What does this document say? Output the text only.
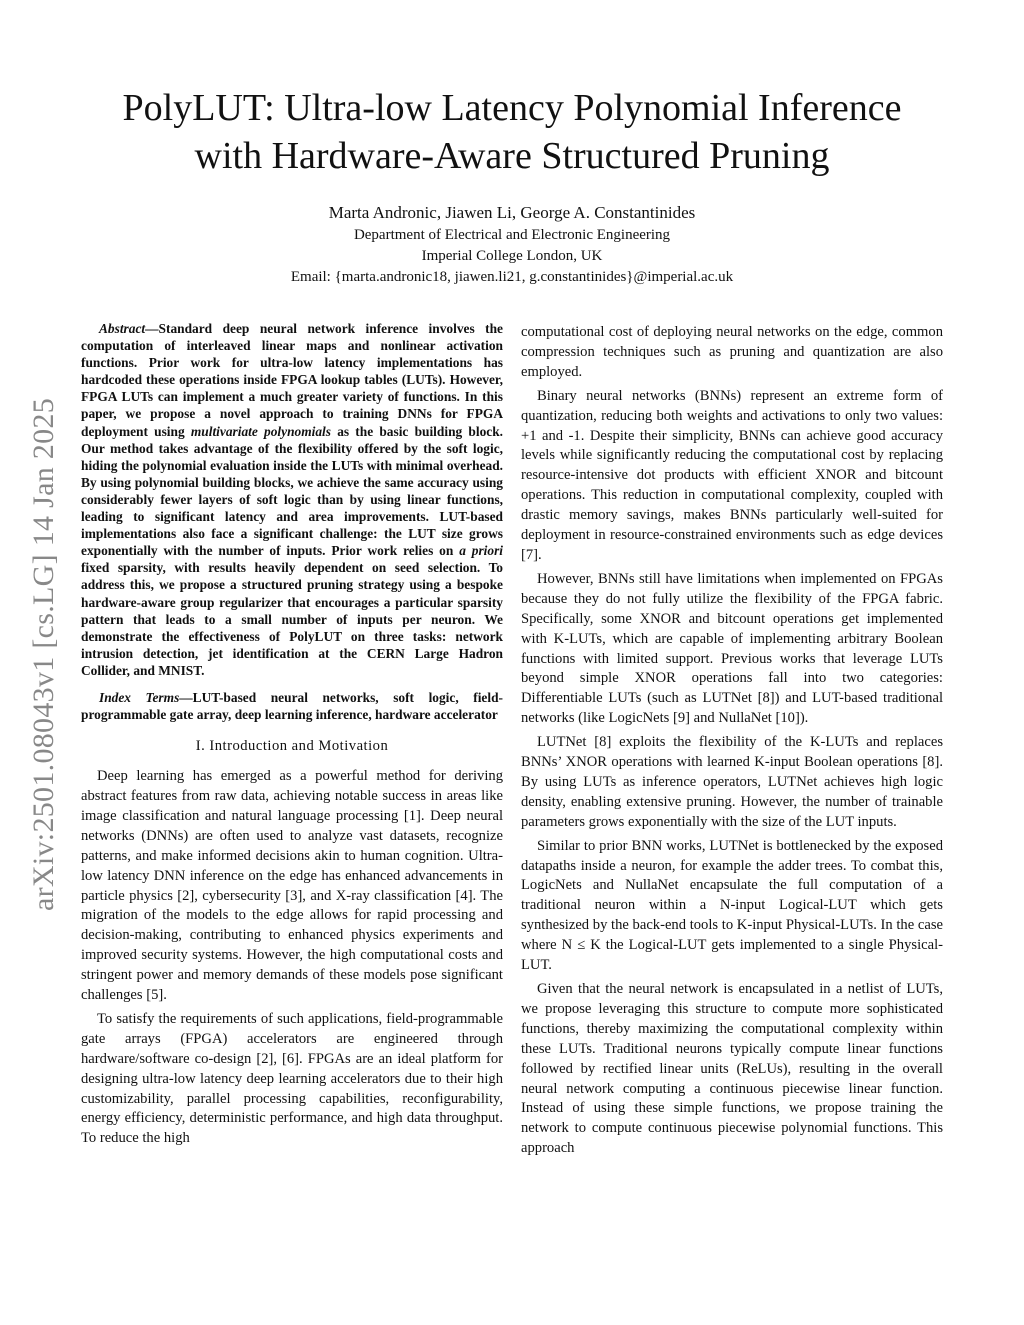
arXiv:2501.08043v1 [cs.LG] 14 Jan 2025
PolyLUT: Ultra-low Latency Polynomial Inference
with Hardware-Aware Structured Pruning
Marta Andronic, Jiawen Li, George A. Constantinides
Department of Electrical and Electronic Engineering
Imperial College London, UK
Email: {marta.andronic18, jiawen.li21, g.constantinides}@imperial.ac.uk

Abstract—Standard deep neural network inference involves the computation of interleaved linear maps and nonlinear activation functions. Prior work for ultra-low latency implementations has hardcoded these operations inside FPGA lookup tables (LUTs). However, FPGA LUTs can implement a much greater variety of functions. In this paper, we propose a novel approach to training DNNs for FPGA deployment using multivariate polynomials as the basic building block. Our method takes advantage of the flexibility offered by the soft logic, hiding the polynomial evaluation inside the LUTs with minimal overhead. By using polynomial building blocks, we achieve the same accuracy using considerably fewer layers of soft logic than by using linear functions, leading to significant latency and area improvements. LUT-based implementations also face a significant challenge: the LUT size grows exponentially with the number of inputs. Prior work relies on a priori fixed sparsity, with results heavily dependent on seed selection. To address this, we propose a structured pruning strategy using a bespoke hardware-aware group regularizer that encourages a particular sparsity pattern that leads to a small number of inputs per neuron. We demonstrate the effectiveness of PolyLUT on three tasks: network intrusion detection, jet identification at the CERN Large Hadron Collider, and MNIST.

Index Terms—LUT-based neural networks, soft logic, field-programmable gate array, deep learning inference, hardware accelerator

I. Introduction and Motivation

Deep learning has emerged as a powerful method for deriving abstract features from raw data, achieving notable success in areas like image classification and natural language processing [1]. Deep neural networks (DNNs) are often used to analyze vast datasets, recognize patterns, and make informed decisions akin to human cognition. Ultra-low latency DNN inference on the edge has enhanced advancements in particle physics [2], cybersecurity [3], and X-ray classification [4]. The migration of the models to the edge allows for rapid processing and decision-making, contributing to enhanced physics experiments and improved security systems. However, the high computational costs and stringent power and memory demands of these models pose significant challenges [5].

To satisfy the requirements of such applications, field-programmable gate arrays (FPGA) accelerators are engineered through hardware/software co-design [2], [6]. FPGAs are an ideal platform for designing ultra-low latency deep learning accelerators due to their high customizability, parallel processing capabilities, reconfigurability, energy efficiency, deterministic performance, and high data throughput. To reduce the high

computational cost of deploying neural networks on the edge, common compression techniques such as pruning and quantization are also employed.

Binary neural networks (BNNs) represent an extreme form of quantization, reducing both weights and activations to only two values: +1 and -1. Despite their simplicity, BNNs can achieve good accuracy levels while significantly reducing the computational cost by replacing resource-intensive dot products with efficient XNOR and bitcount operations. This reduction in computational complexity, coupled with drastic memory savings, makes BNNs particularly well-suited for deployment in resource-constrained environments such as edge devices [7].

However, BNNs still have limitations when implemented on FPGAs because they do not fully utilize the flexibility of the FPGA fabric. Specifically, some XNOR and bitcount operations get implemented with K-LUTs, which are capable of implementing arbitrary Boolean functions with limited support. Previous works that leverage LUTs beyond simple XNOR operations fall into two categories: Differentiable LUTs (such as LUTNet [8]) and LUT-based traditional networks (like LogicNets [9] and NullaNet [10]).

LUTNet [8] exploits the flexibility of the K-LUTs and replaces BNNs’ XNOR operations with learned K-input Boolean operations [8]. By using LUTs as inference operators, LUTNet achieves high logic density, enabling extensive pruning. However, the number of trainable parameters grows exponentially with the size of the LUT inputs.

Similar to prior BNN works, LUTNet is bottlenecked by the exposed datapaths inside a neuron, for example the adder trees. To combat this, LogicNets and NullaNet encapsulate the full computation of a traditional neuron within a N-input Logical-LUT which gets synthesized by the back-end tools to K-input Physical-LUTs. In the case where N ≤ K the Logical-LUT gets implemented to a single Physical-LUT.

Given that the neural network is encapsulated in a netlist of LUTs, we propose leveraging this structure to compute more sophisticated functions, thereby maximizing the computational complexity within these LUTs. Traditional neurons typically compute linear functions followed by rectified linear units (ReLUs), resulting in the overall neural network computing a continuous piecewise linear function. Instead of using these simple functions, we propose training the network to compute continuous piecewise polynomial functions. This approach
